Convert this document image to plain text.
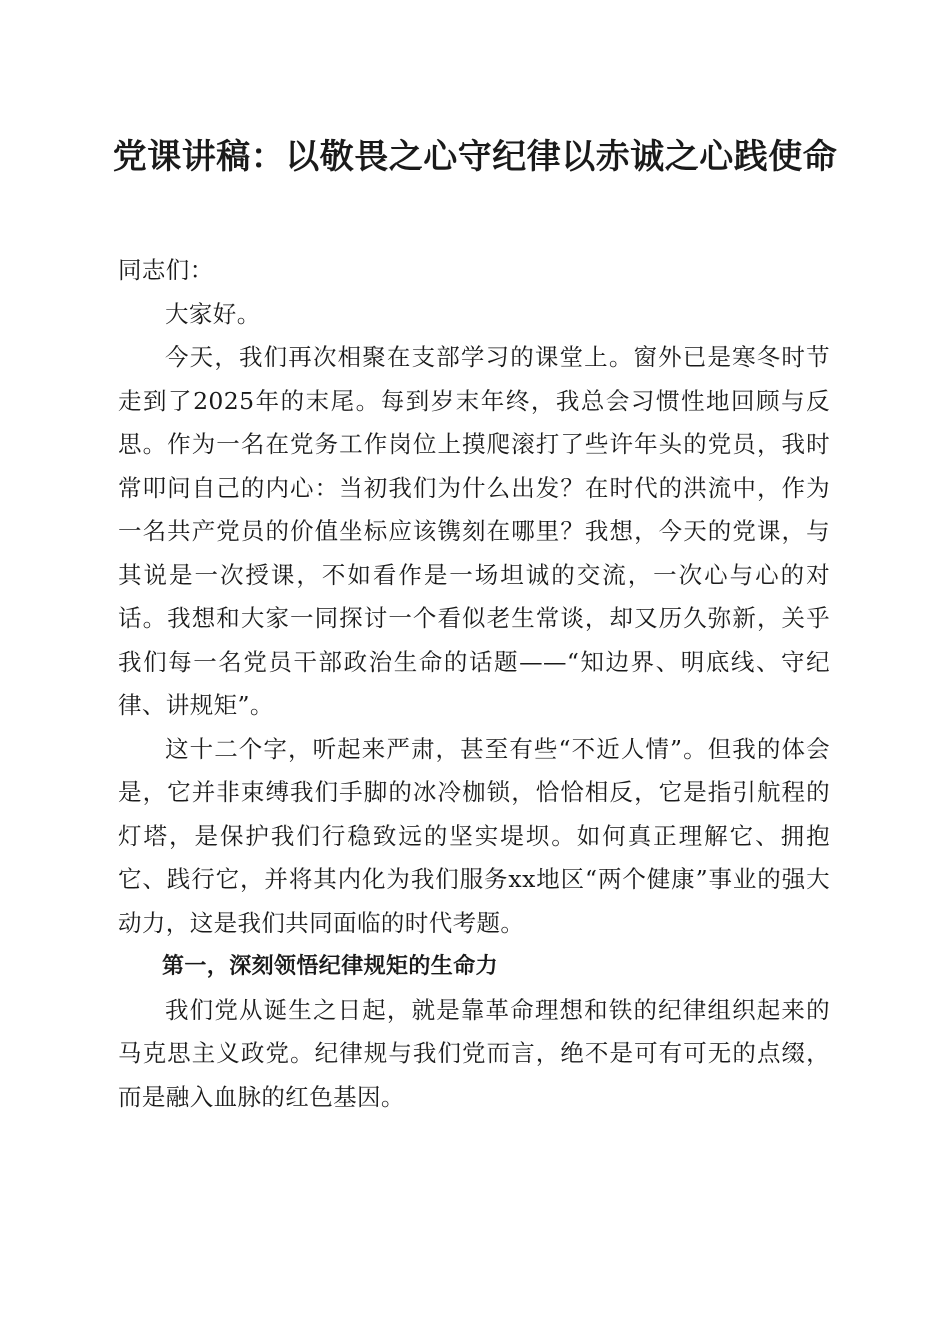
党课讲稿：以敬畏之心守纪律以赤诚之心践使命

同志们：

大家好。

今天，我们再次相聚在支部学习的课堂上。窗外已是寒冬时节走到了2025年的末尾。每到岁末年终，我总会习惯性地回顾与反思。作为一名在党务工作岗位上摸爬滚打了些许年头的党员，我时常叩问自己的内心：当初我们为什么出发？在时代的洪流中，作为一名共产党员的价值坐标应该镌刻在哪里？我想，今天的党课，与其说是一次授课，不如看作是一场坦诚的交流，一次心与心的对话。我想和大家一同探讨一个看似老生常谈，却又历久弥新，关乎我们每一名党员干部政治生命的话题——“知边界、明底线、守纪律、讲规矩”。

这十二个字，听起来严肃，甚至有些“不近人情”。但我的体会是，它并非束缚我们手脚的冰冷枷锁，恰恰相反，它是指引航程的灯塔，是保护我们行稳致远的坚实堤坝。如何真正理解它、拥抱它、践行它，并将其内化为我们服务xx地区“两个健康”事业的强大动力，这是我们共同面临的时代考题。

第一，深刻领悟纪律规矩的生命力

我们党从诞生之日起，就是靠革命理想和铁的纪律组织起来的马克思主义政党。纪律规与我们党而言，绝不是可有可无的点缀，而是融入血脉的红色基因。
